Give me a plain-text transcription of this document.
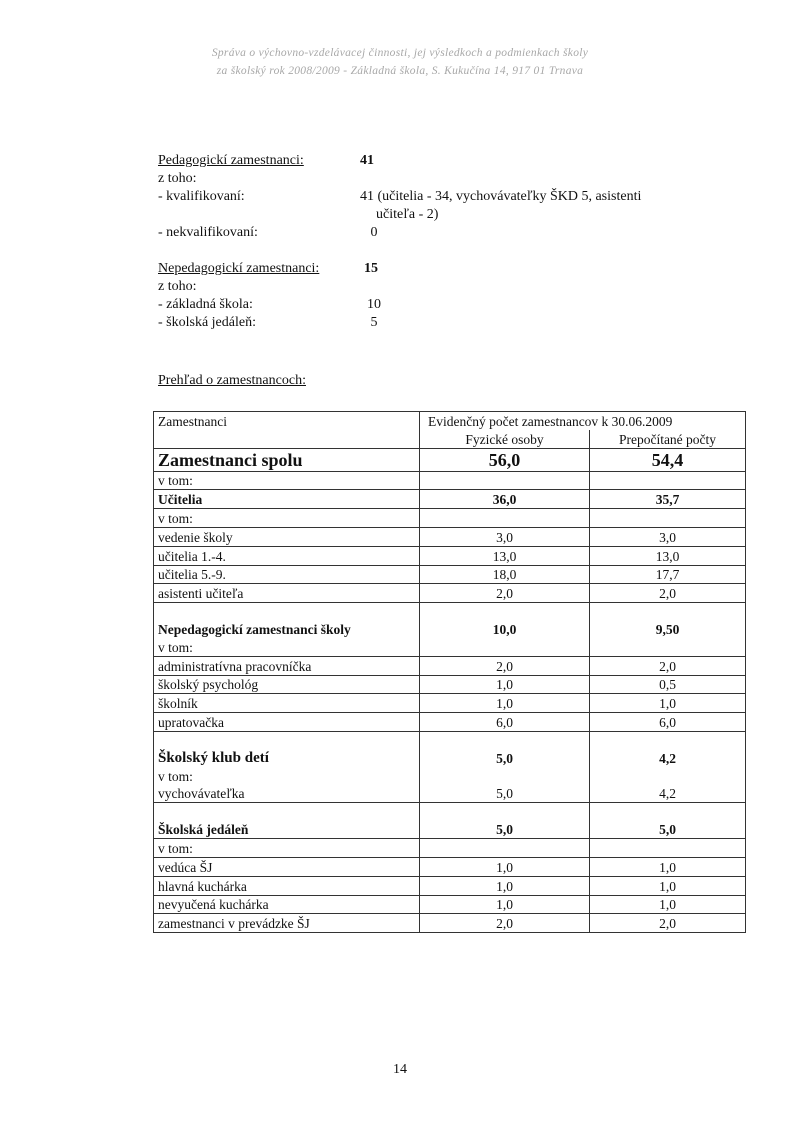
Správa o výchovno-vzdelávacej činnosti, jej výsledkoch a podmienkach školy
za školský rok 2008/2009 - Základná škola, S. Kukučína 14, 917 01 Trnava
Pedagogickí zamestnanci:	41
z toho:
- kvalifikovaní:	41 (učitelia - 34, vychovávateľky ŠKD 5, asistenti
učiteľa - 2)
- nekvalifikovaní:	0
Nepedagogickí zamestnanci:	15
z toho:
- základná škola:	10
- školská jedáleň:	5
Prehľad o zamestnancoch:
Zamestnanci	Evidenčný počet zamestnancov k 30.06.2009	
	Fyzické osoby	Prepočítané počty
Zamestnanci spolu	56,0	54,4
v tom:		
Učitelia	36,0	35,7
v tom:		
vedenie školy	3,0	3,0
učitelia 1.-4.	13,0	13,0
učitelia 5.-9.	18,0	17,7
asistenti učiteľa	2,0	2,0

Nepedagogickí zamestnanci školy	10,0	9,50
v tom:		
administratívna pracovníčka	2,0	2,0
školský psychológ	1,0	0,5
školník	1,0	1,0
upratovačka	6,0	6,0

Školský klub detí	5,0	4,2
v tom:		
vychovávateľka	5,0	4,2

Školská jedáleň	5,0	5,0
v tom:		
vedúca ŠJ	1,0	1,0
hlavná kuchárka	1,0	1,0
nevyučená kuchárka	1,0	1,0
zamestnanci v prevádzke ŠJ	2,0	2,0
14
